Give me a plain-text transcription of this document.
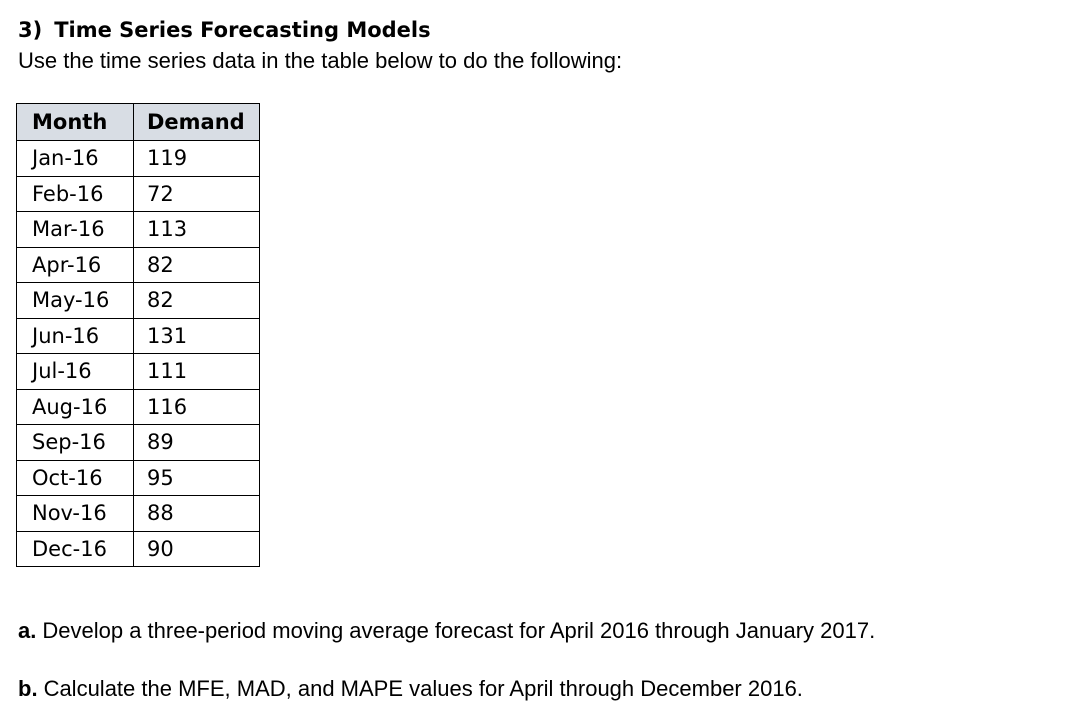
3) Time Series Forecasting Models
Use the time series data in the table below to do the following:
Month	Demand
Jan-16	119
Feb-16	72
Mar-16	113
Apr-16	82
May-16	82
Jun-16	131
Jul-16	111
Aug-16	116
Sep-16	89
Oct-16	95
Nov-16	88
Dec-16	90
a. Develop a three-period moving average forecast for April 2016 through January 2017.
b. Calculate the MFE, MAD, and MAPE values for April through December 2016.
